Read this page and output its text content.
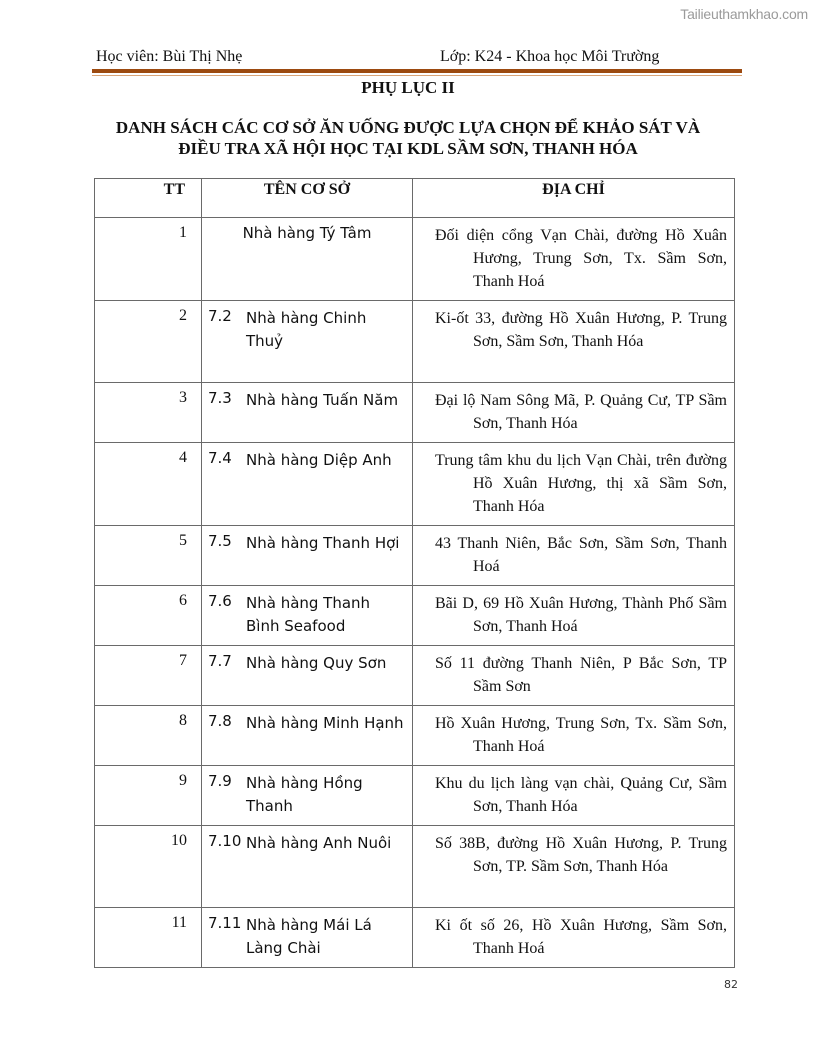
Tailieuthamkhao.com
Học viên: Bùi Thị Nhẹ	Lớp: K24 - Khoa học Môi Trường
PHỤ LỤC II
DANH SÁCH CÁC CƠ SỞ ĂN UỐNG ĐƯỢC LỰA CHỌN ĐỂ KHẢO SÁT VÀ
ĐIỀU TRA XÃ HỘI HỌC TẠI KDL SẦM SƠN, THANH HÓA
TT	TÊN CƠ SỞ	ĐỊA CHỈ
1	Nhà hàng Tý Tâm	Đối diện cổng Vạn Chài, đường Hồ Xuân Hương, Trung Sơn, Tx. Sầm Sơn, Thanh Hoá
2	7.2 Nhà hàng Chinh Thuỷ	Ki-ốt 33, đường Hồ Xuân Hương, P. Trung Sơn, Sầm Sơn, Thanh Hóa
3	7.3 Nhà hàng Tuấn Năm	Đại lộ Nam Sông Mã, P. Quảng Cư, TP Sầm Sơn, Thanh Hóa
4	7.4 Nhà hàng Diệp Anh	Trung tâm khu du lịch Vạn Chài, trên đường Hồ Xuân Hương, thị xã Sầm Sơn, Thanh Hóa
5	7.5 Nhà hàng Thanh Hợi	43 Thanh Niên, Bắc Sơn, Sầm Sơn, Thanh Hoá
6	7.6 Nhà hàng Thanh Bình Seafood	Bãi D, 69 Hồ Xuân Hương, Thành Phố Sầm Sơn, Thanh Hoá
7	7.7 Nhà hàng Quy Sơn	Số 11 đường Thanh Niên, P Bắc Sơn, TP Sầm Sơn
8	7.8 Nhà hàng Minh Hạnh	Hồ Xuân Hương, Trung Sơn, Tx. Sầm Sơn, Thanh Hoá
9	7.9 Nhà hàng Hồng Thanh	Khu du lịch làng vạn chài, Quảng Cư, Sầm Sơn, Thanh Hóa
10	7.10 Nhà hàng Anh Nuôi	Số 38B, đường Hồ Xuân Hương, P. Trung Sơn, TP. Sầm Sơn, Thanh Hóa
11	7.11 Nhà hàng Mái Lá Làng Chài	Ki ốt số 26, Hồ Xuân Hương, Sầm Sơn, Thanh Hoá
82
